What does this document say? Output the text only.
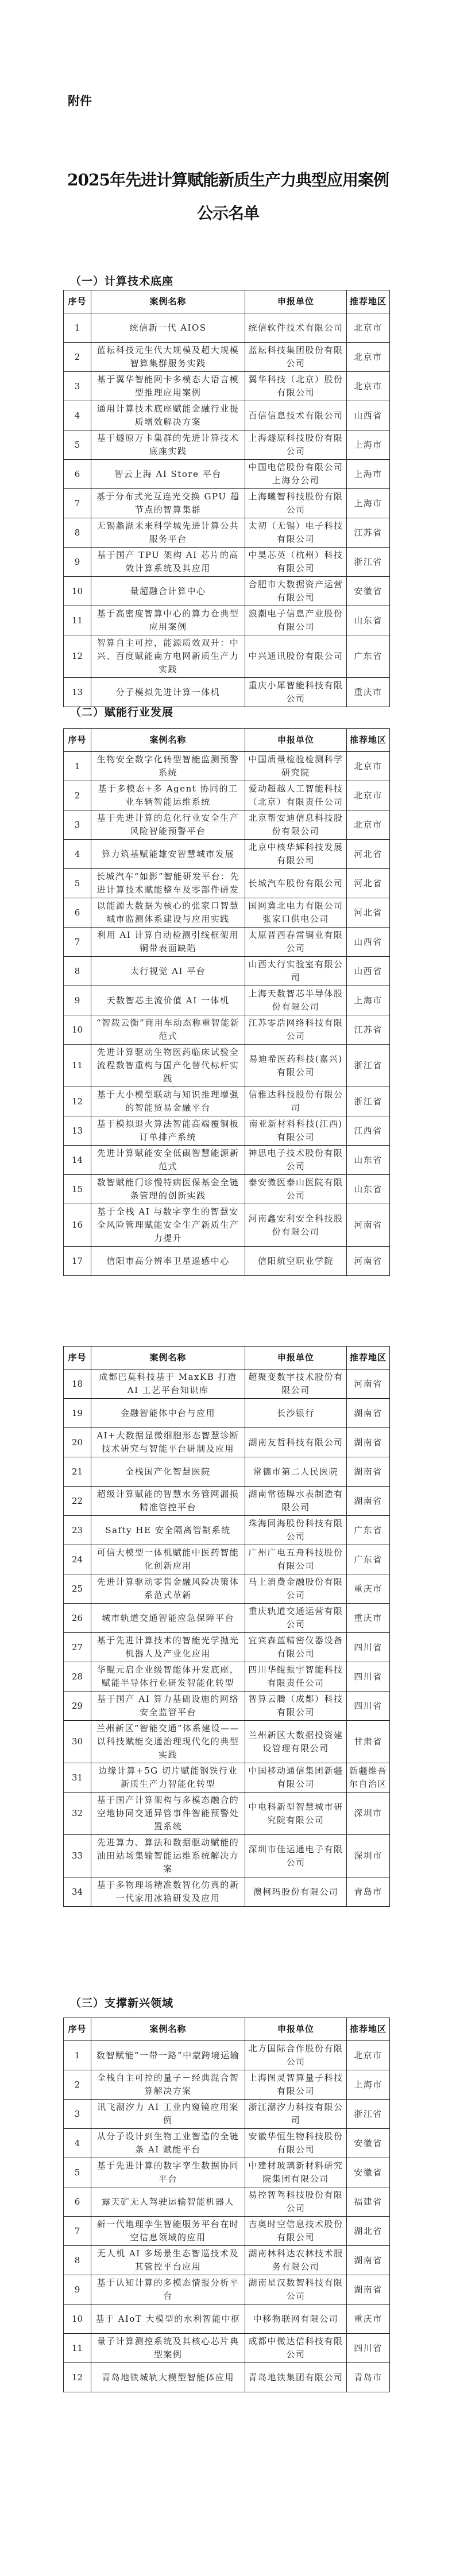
附件
2025年先进计算赋能新质生产力典型应用案例
公示名单
（一）计算技术底座
序号	案例名称	申报单位	推荐地区
1	统信新一代 AIOS	统信软件技术有限公司	北京市
2	蓝耘科技元生代大规模及超大规模智算集群服务实践	蓝耘科技集团股份有限公司	北京市
3	基于翼华智能网卡多模态大语言模型推理应用案例	翼华科技（北京）股份有限公司	北京市
4	通用计算技术底座赋能金融行业提质增效解决方案	百信信息技术有限公司	山西省
5	基于燧原万卡集群的先进计算技术底座实践	上海燧原科技股份有限公司	上海市
6	智云上海 AI Store 平台	中国电信股份有限公司上海分公司	上海市
7	基于分布式光互连光交换 GPU 超节点的智算集群	上海曦智科技股份有限公司	上海市
8	无锡蠡湖未来科学城先进计算公共服务平台	太初（无锡）电子科技有限公司	江苏省
9	基于国产 TPU 架构 AI 芯片的高效计算系统及其应用	中昊芯英（杭州）科技有限公司	浙江省
10	量超融合计算中心	合肥市大数据资产运营有限公司	安徽省
11	基于高密度智算中心的算力仓典型应用案例	浪潮电子信息产业股份有限公司	山东省
12	智算自主可控，能源质效双升：中兴、百度赋能南方电网新质生产力实践	中兴通讯股份有限公司	广东省
13	分子模拟先进计算一体机	重庆小犀智能科技有限公司	重庆市
（二）赋能行业发展
序号	案例名称	申报单位	推荐地区
1	生物安全数字化转型智能监测预警系统	中国质量检验检测科学研究院	北京市
2	基于多模态+多 Agent 协同的工业车辆智能运维系统	爱动超越人工智能科技（北京）有限责任公司	北京市
3	基于先进计算的危化行业安全生产风险智能预警平台	北京帮安迪信息科技股份有限公司	北京市
4	算力筑基赋能雄安智慧城市发展	北京中核华辉科技发展有限公司	河北省
5	长城汽车“如影”智能研发平台：先进计算技术赋能整车及零部件研发	长城汽车股份有限公司	河北省
6	以能源大数据为核心的张家口智慧城市监测体系建设与应用实践	国网冀北电力有限公司张家口供电公司	河北省
7	利用 AI 计算自动检测引线框架用铜带表面缺陷	太原晋西春雷铜业有限公司	山西省
8	太行视觉 AI 平台	山西太行实验室有限公司	山西省
9	天数智芯主流价值 AI 一体机	上海天数智芯半导体股份有限公司	上海市
10	“智载云衡”商用车动态称重智能新范式	江苏零浩网络科技有限公司	江苏省
11	先进计算驱动生物医药临床试验全流程数智重构与国产化替代标杆实践	易迪希医药科技(嘉兴)有限公司	浙江省
12	基于大小模型联动与知识推理增强的智能贸易金融平台	信雅达科技股份有限公司	浙江省
13	基于模拟退火算法智能高端覆铜板订单排产系统	南亚新材料科技(江西)有限公司	江西省
14	先进计算赋能安全低碳智慧能源新范式	神思电子技术股份有限公司	山东省
15	数智赋能门诊慢特病医保基金全链条管理的创新实践	泰安微医泰山医院有限公司	山东省
16	基于全栈 AI 与数字孪生的智慧安全风险管理赋能安全生产新质生产力提升	河南鑫安利安全科技股份有限公司	河南省
17	信阳市高分辨率卫星遥感中心	信阳航空职业学院	河南省
序号	案例名称	申报单位	推荐地区
18	成都巴莫科技基于 MaxKB 打造 AI 工艺平台知识库	超聚变数字技术股份有限公司	河南省
19	金融智能体中台与应用	长沙银行	湖南省
20	AI+大数据显微细胞形态智慧诊断技术研究与智能平台研制及应用	湖南友哲科技有限公司	湖南省
21	全栈国产化智慧医院	常德市第二人民医院	湖南省
22	超级计算赋能的智慧水务管网漏损精准管控平台	湖南常德牌水表制造有限公司	湖南省
23	Safty HE 安全隔离管制系统	珠海同海股份科技有限公司	广东省
24	可信大模型一体机赋能中医药智能化创新应用	广州广电五舟科技股份有限公司	广东省
25	先进计算驱动零售金融风险决策体系范式革新	马上消费金融股份有限公司	重庆市
26	城市轨道交通智能应急保障平台	重庆轨道交通运营有限公司	重庆市
27	基于先进计算技术的智能光学抛光机器人及产业化应用	宜宾森蓝精密仪器设备有限公司	四川省
28	华鲲元启企业级智能体开发底座，赋能半导体行业研发智能化转型	四川华鲲振宇智能科技有限责任公司	四川省
29	基于国产 AI 算力基础设施的网络安全监管平台	智算云腾（成都）科技有限公司	四川省
30	兰州新区“智能交通”体系建设——以科技赋能交通治理现代化的典型实践	兰州新区大数据投资建设管理有限公司	甘肃省
31	边缘计算+5G 切片赋能钢铁行业新质生产力智能化转型	中国移动通信集团新疆有限公司	新疆维吾尔自治区
32	基于国产计算架构与多模态融合的空地协同交通异管事件智能预警处置系统	中电科新型智慧城市研究院有限公司	深圳市
33	先进算力、算法和数据驱动赋能的油田站场集输智能运维系统解决方案	深圳市佳运通电子有限公司	深圳市
34	基于多物理场精准数智化仿真的新一代家用冰箱研发及应用	澳柯玛股份有限公司	青岛市
（三）支撑新兴领域
序号	案例名称	申报单位	推荐地区
1	数智赋能“一带一路”中蒙跨境运输	北方国际合作股份有限公司	北京市
2	全栈自主可控的量子－经典混合智算解决方案	上海图灵智算量子科技有限公司	上海市
3	讯飞潮汐力 AI 工业内窥镜应用案例	浙江潮汐力科技有限公司	浙江省
4	从分子设计到生物工业智造的全链条 AI 赋能平台	安徽华恒生物科技股份有限公司	安徽省
5	基于先进计算的数字孪生数据协同平台	中建材玻璃新材料研究院集团有限公司	安徽省
6	露天矿无人驾驶运输智能机器人	易控智驾科技股份有限公司	福建省
7	新一代地理孪生智能服务平台在时空信息领域的应用	吉奥时空信息技术股份有限公司	湖北省
8	无人机 AI 多场景生态智巡技术及其管控平台应用	湖南林科达农林技术服务有限公司	湖南省
9	基于认知计算的多模态情报分析平台	湖南星汉数智科技有限公司	湖南省
10	基于 AIoT 大模型的水利智能中枢	中移物联网有限公司	重庆市
11	量子计算测控系统及其核心芯片典型案例	成都中微达信科技有限公司	四川省
12	青岛地铁城轨大模型智能体应用	青岛地铁集团有限公司	青岛市
